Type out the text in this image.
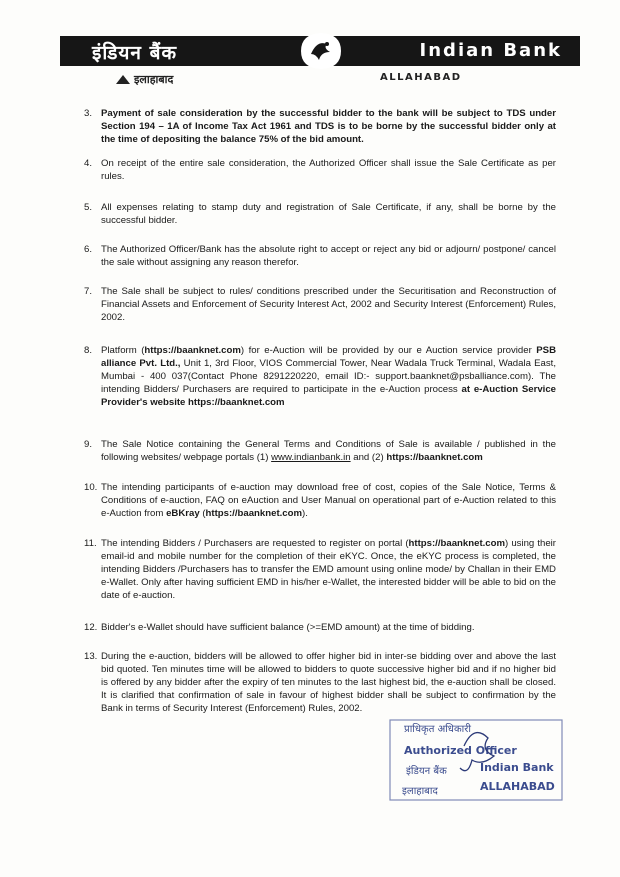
इंडियन बैंक	Indian Bank
इलाहाबाद	ALLAHABAD
3. Payment of sale consideration by the successful bidder to the bank will be subject to TDS under Section 194 – 1A of Income Tax Act 1961 and TDS is to be borne by the successful bidder only at the time of depositing the balance 75% of the bid amount.
4. On receipt of the entire sale consideration, the Authorized Officer shall issue the Sale Certificate as per rules.
5. All expenses relating to stamp duty and registration of Sale Certificate, if any, shall be borne by the successful bidder.
6. The Authorized Officer/Bank has the absolute right to accept or reject any bid or adjourn/ postpone/ cancel the sale without assigning any reason therefor.
7. The Sale shall be subject to rules/ conditions prescribed under the Securitisation and Reconstruction of Financial Assets and Enforcement of Security Interest Act, 2002 and Security Interest (Enforcement) Rules, 2002.
8. Platform (https://baanknet.com) for e-Auction will be provided by our e Auction service provider PSB alliance Pvt. Ltd., Unit 1, 3rd Floor, VIOS Commercial Tower, Near Wadala Truck Terminal, Wadala East, Mumbai - 400 037(Contact Phone 8291220220, email ID:- support.baanknet@psballiance.com). The intending Bidders/ Purchasers are required to participate in the e-Auction process at e-Auction Service Provider's website https://baanknet.com
9. The Sale Notice containing the General Terms and Conditions of Sale is available / published in the following websites/ webpage portals (1) www.indianbank.in and (2) https://baanknet.com
10. The intending participants of e-auction may download free of cost, copies of the Sale Notice, Terms & Conditions of e-auction, FAQ on eAuction and User Manual on operational part of e-Auction related to this e-Auction from eBKray (https://baanknet.com).
11. The intending Bidders / Purchasers are requested to register on portal (https://baanknet.com) using their email-id and mobile number for the completion of their eKYC. Once, the eKYC process is completed, the intending Bidders /Purchasers has to transfer the EMD amount using online mode/ by Challan in their EMD e-Wallet. Only after having sufficient EMD in his/her e-Wallet, the interested bidder will be able to bid on the date of e-auction.
12. Bidder's e-Wallet should have sufficient balance (>=EMD amount) at the time of bidding.
13. During the e-auction, bidders will be allowed to offer higher bid in inter-se bidding over and above the last bid quoted. Ten minutes time will be allowed to bidders to quote successive higher bid and if no higher bid is offered by any bidder after the expiry of ten minutes to the last highest bid, the e-auction shall be closed. It is clarified that confirmation of sale in favour of highest bidder shall be subject to confirmation by the Bank in terms of Security Interest (Enforcement) Rules, 2002.
प्राधिकृत अधिकारी
Authorized Officer
इंडियन बैंक	Indian Bank
इलाहाबाद	ALLAHABAD
